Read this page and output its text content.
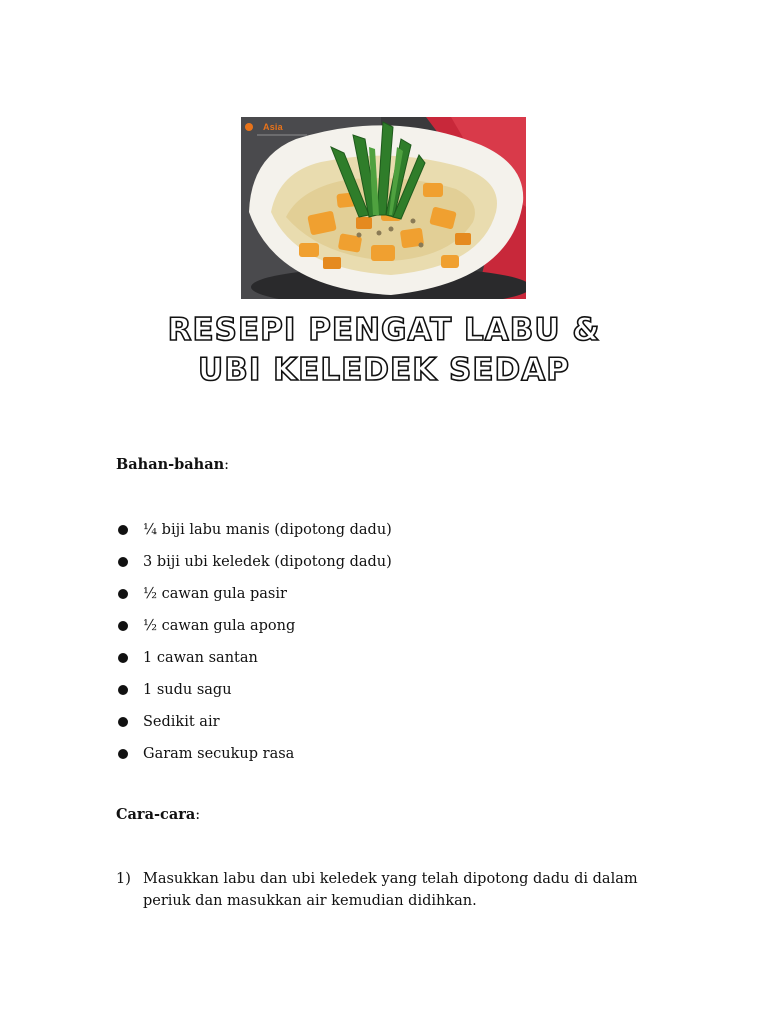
Asia
RESEPI PENGAT LABU &
UBI KELEDEK SEDAP
Bahan-bahan:
¼ biji labu manis (dipotong dadu)
3 biji ubi keledek (dipotong dadu)
½ cawan gula pasir
½ cawan gula apong
1 cawan santan
1 sudu sagu
Sedikit air
Garam secukup rasa
Cara-cara:
1) Masukkan labu dan ubi keledek yang telah dipotong dadu di dalam periuk dan masukkan air kemudian didihkan.
